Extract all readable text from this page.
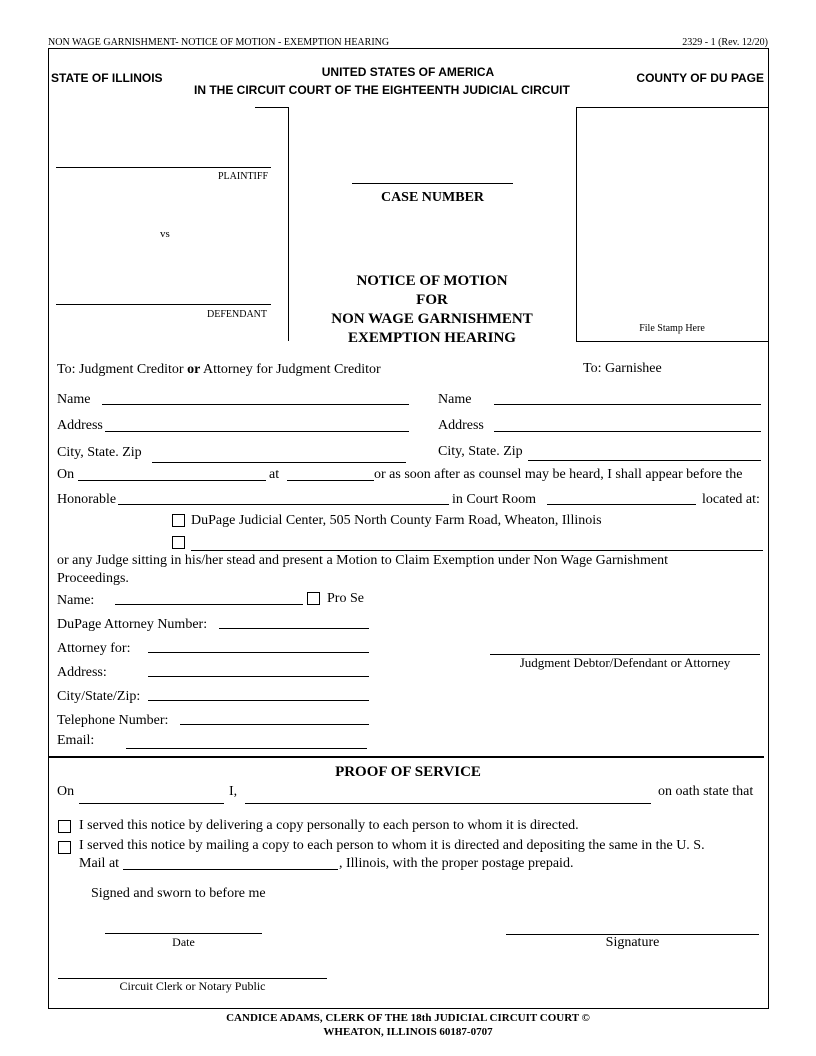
NON WAGE GARNISHMENT- NOTICE OF MOTION - EXEMPTION HEARING	2329 - 1 (Rev. 12/20)
STATE OF ILLINOIS	UNITED STATES OF AMERICA
IN THE CIRCUIT COURT OF THE EIGHTEENTH JUDICIAL CIRCUIT
COUNTY OF DU PAGE
PLAINTIFF
vs
DEFENDANT
CASE NUMBER
NOTICE OF MOTION
FOR
NON WAGE GARNISHMENT
EXEMPTION HEARING
File Stamp Here
To: Judgment Creditor or Attorney for Judgment Creditor	To: Garnishee
Name
Address
City, State. Zip
Name
Address
City, State. Zip
On	at	or as soon after as counsel may be heard, I shall appear before the
Honorable	in Court Room	located at:
DuPage Judicial Center, 505 North County Farm Road, Wheaton, Illinois
or any Judge sitting in his/her stead and present a Motion to Claim Exemption under Non Wage Garnishment
Proceedings.
Name:	Pro Se
DuPage Attorney Number:
Attorney for:
Address:
City/State/Zip:
Telephone Number:
Email:
Judgment Debtor/Defendant or Attorney
PROOF OF SERVICE
On	I,	on oath state that
I served this notice by delivering a copy personally to each person to whom it is directed.
I served this notice by mailing a copy to each person to whom it is directed and depositing the same in the U. S.
Mail at	, Illinois, with the proper postage prepaid.
Signed and sworn to before me
Date	Signature
Circuit Clerk or Notary Public
CANDICE ADAMS, CLERK OF THE 18th JUDICIAL CIRCUIT COURT ©
WHEATON, ILLINOIS 60187-0707
